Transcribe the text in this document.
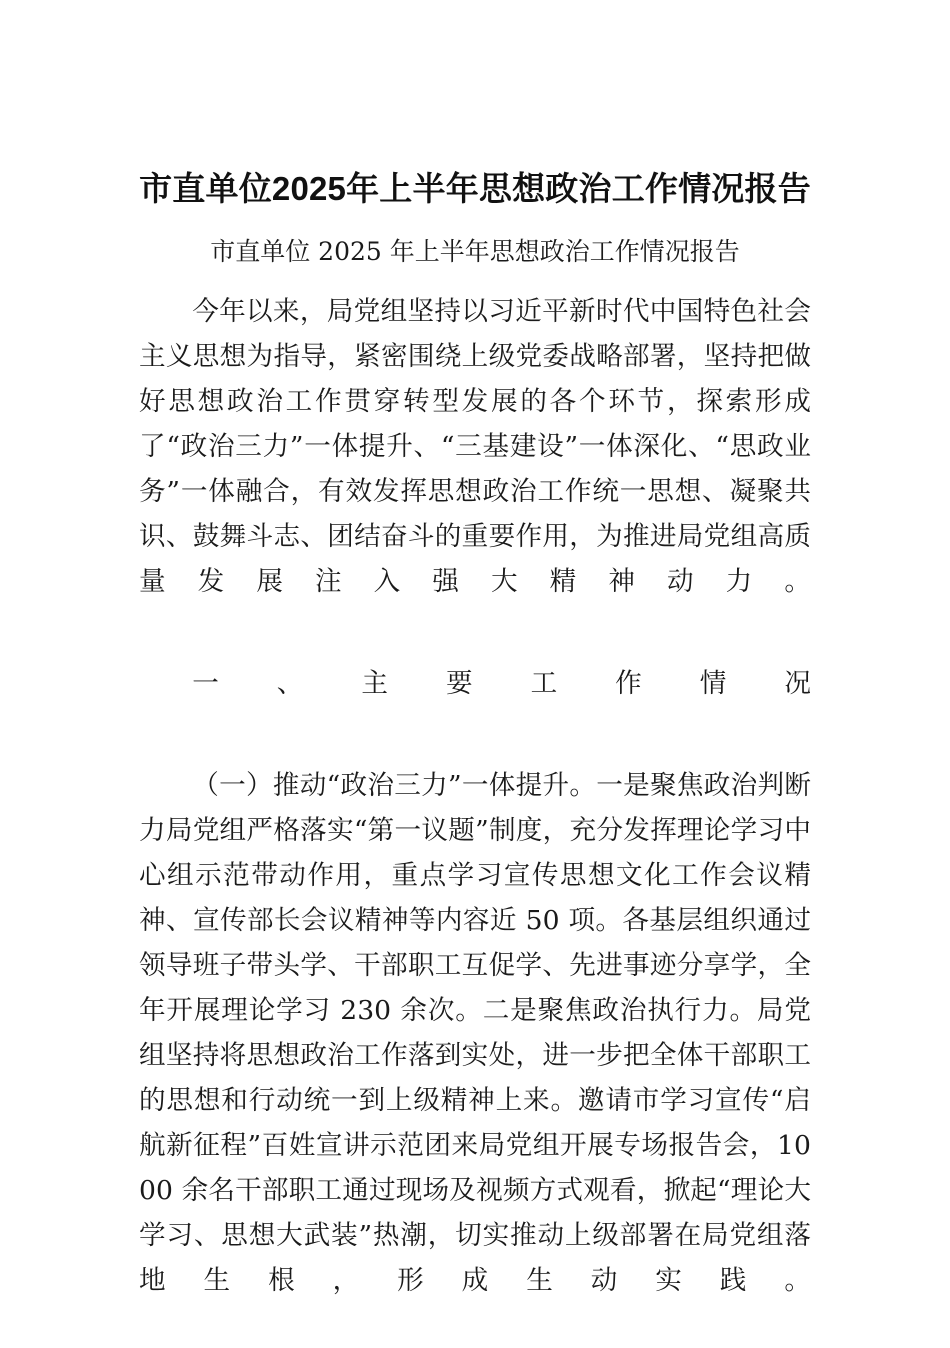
市直单位2025年上半年思想政治工作情况报告

市直单位 2025 年上半年思想政治工作情况报告

今年以来，局党组坚持以习近平新时代中国特色社会主义思想为指导，紧密围绕上级党委战略部署，坚持把做好思想政治工作贯穿转型发展的各个环节，探索形成了“政治三力”一体提升、“三基建设”一体深化、“思政业务”一体融合，有效发挥思想政治工作统一思想、凝聚共识、鼓舞斗志、团结奋斗的重要作用，为推进局党组高质量发展注入强大精神动力。

一、主要工作情况

（一）推动“政治三力”一体提升。一是聚焦政治判断力局党组严格落实“第一议题”制度，充分发挥理论学习中心组示范带动作用，重点学习宣传思想文化工作会议精神、宣传部长会议精神等内容近 50 项。各基层组织通过领导班子带头学、干部职工互促学、先进事迹分享学，全年开展理论学习 230 余次。二是聚焦政治执行力。局党组坚持将思想政治工作落到实处，进一步把全体干部职工的思想和行动统一到上级精神上来。邀请市学习宣传“启航新征程”百姓宣讲示范团来局党组开展专场报告会，1000 余名干部职工通过现场及视频方式观看，掀起“理论大学习、思想大武装”热潮，切实推动上级部署在局党组落地生根，形成生动实践。
